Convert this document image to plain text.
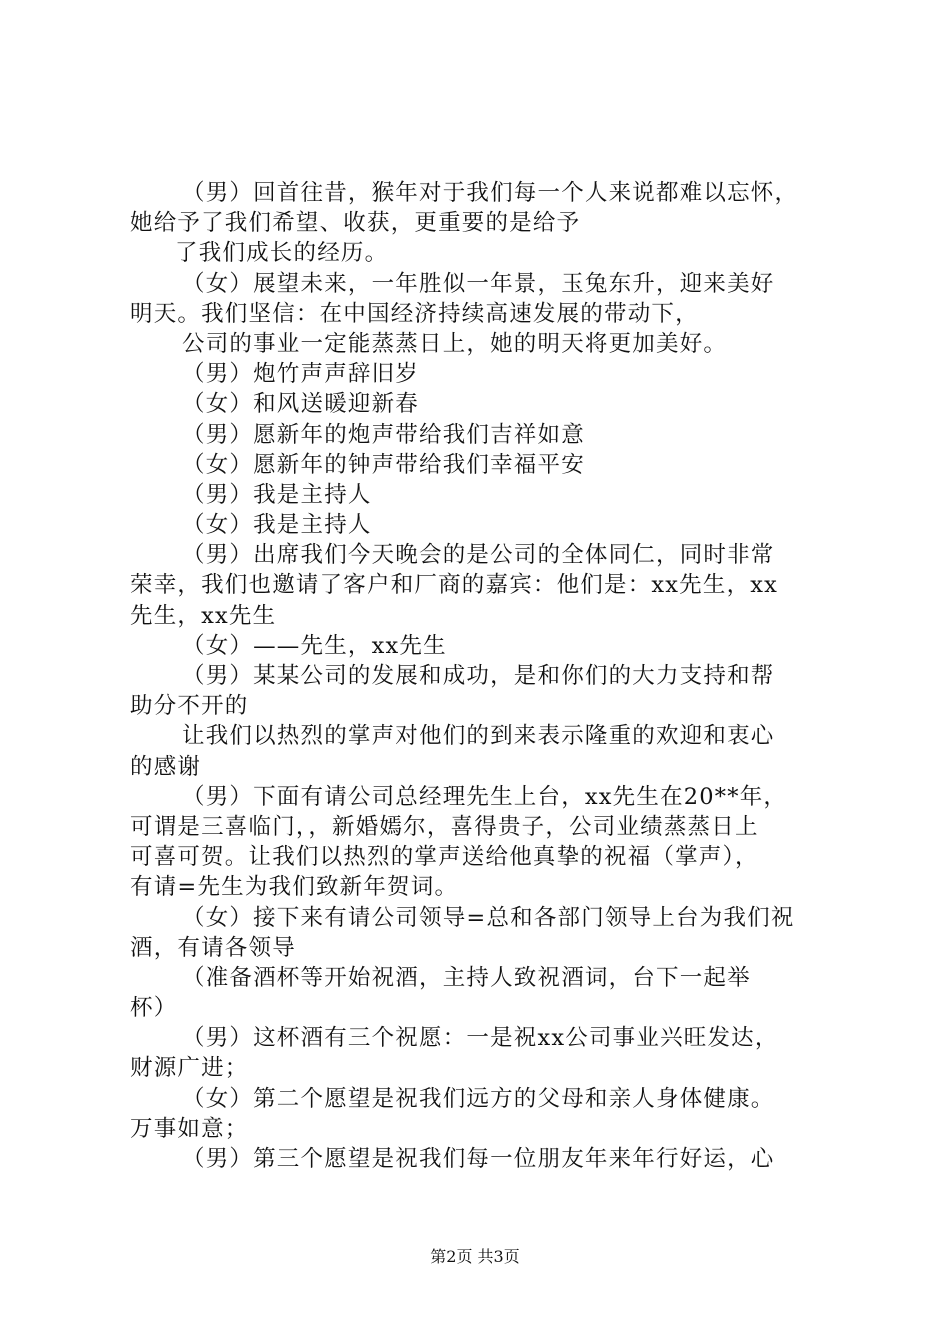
（男）回首往昔，猴年对于我们每一个人来说都难以忘怀，
她给予了我们希望、收获，更重要的是给予
了我们成长的经历。
（女）展望未来，一年胜似一年景，玉兔东升，迎来美好
明天。我们坚信：在中国经济持续高速发展的带动下，
公司的事业一定能蒸蒸日上，她的明天将更加美好。
（男）炮竹声声辞旧岁
（女）和风送暖迎新春
（男）愿新年的炮声带给我们吉祥如意
（女）愿新年的钟声带给我们幸福平安
（男）我是主持人
（女）我是主持人
（男）出席我们今天晚会的是公司的全体同仁，同时非常
荣幸，我们也邀请了客户和厂商的嘉宾：他们是：xx先生，xx
先生，xx先生
（女）——先生，xx先生
（男）某某公司的发展和成功，是和你们的大力支持和帮
助分不开的
让我们以热烈的掌声对他们的到来表示隆重的欢迎和衷心
的感谢
（男）下面有请公司总经理先生上台，xx先生在20**年，
可谓是三喜临门，，新婚嫣尔，喜得贵子，公司业绩蒸蒸日上
可喜可贺。让我们以热烈的掌声送给他真挚的祝福（掌声），
有请=先生为我们致新年贺词。
（女）接下来有请公司领导=总和各部门领导上台为我们祝
酒，有请各领导
（准备酒杯等开始祝酒，主持人致祝酒词，台下一起举
杯）
（男）这杯酒有三个祝愿：一是祝xx公司事业兴旺发达，
财源广进；
（女）第二个愿望是祝我们远方的父母和亲人身体健康。
万事如意；
（男）第三个愿望是祝我们每一位朋友年来年行好运，心
第2页 共3页
